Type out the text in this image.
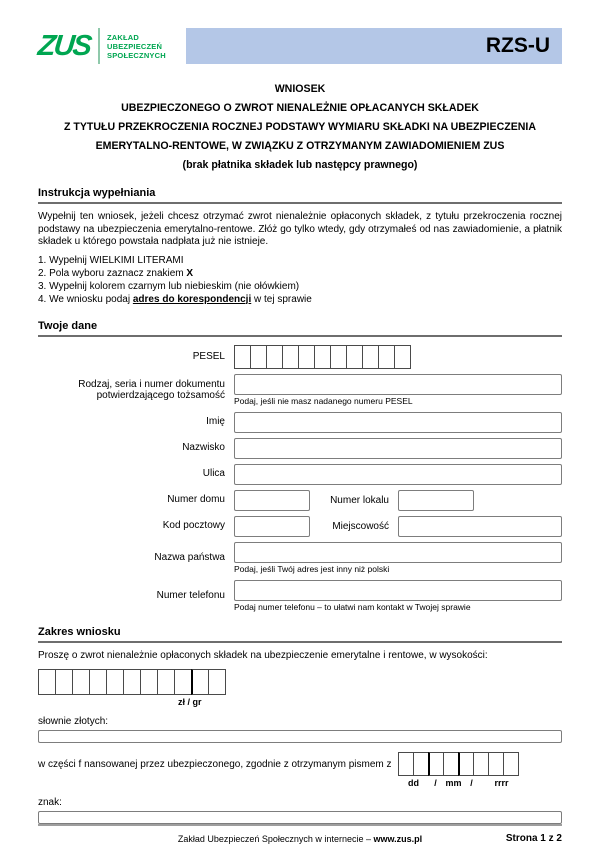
ZUS	ZAKŁAD
UBEZPIECZEŃ
SPOŁECZNYCH	RZS-U
WNIOSEK
UBEZPIECZONEGO O ZWROT NIENALEŻNIE OPŁACANYCH SKŁADEK
Z TYTUŁU PRZEKROCZENIA ROCZNEJ PODSTAWY WYMIARU SKŁADKI NA UBEZPIECZENIA
EMERYTALNO-RENTOWE, W ZWIĄZKU Z OTRZYMANYM ZAWIADOMIENIEM ZUS
(brak płatnika składek lub następcy prawnego)
Instrukcja wypełniania
Wypełnij ten wniosek, jeżeli chcesz otrzymać zwrot nienależnie opłaconych składek, z tytułu przekroczenia rocznej podstawy na ubezpieczenia emerytalno-rentowe. Złóż go tylko wtedy, gdy otrzymałeś od nas zawiadomienie, a płatnik składek u którego powstała nadpłata już nie istnieje.
1. Wypełnij WIELKIMI LITERAMI
2. Pola wyboru zaznacz znakiem X
3. Wypełnij kolorem czarnym lub niebieskim (nie ołówkiem)
4. We wniosku podaj adres do korespondencji w tej sprawie
Twoje dane
PESEL
Rodzaj, seria i numer dokumentu
potwierdzającego tożsamość	Podaj, jeśli nie masz nadanego numeru PESEL
Imię
Nazwisko
Ulica
Numer domu	Numer lokalu
Kod pocztowy	Miejscowość
Nazwa państwa
Podaj, jeśli Twój adres jest inny niż polski
Numer telefonu
Podaj numer telefonu – to ułatwi nam kontakt w Twojej sprawie
Zakres wniosku
Proszę o zwrot nienależnie opłaconych składek na ubezpieczenie emerytalne i rentowe, w wysokości:
zł / gr
słownie złotych:
w części f nansowanej przez ubezpieczonego, zgodnie z otrzymanym pismem z
dd	/ mm /	rrrr
znak:
Zakład Ubezpieczeń Społecznych w internecie – www.zus.pl	Strona 1 z 2
